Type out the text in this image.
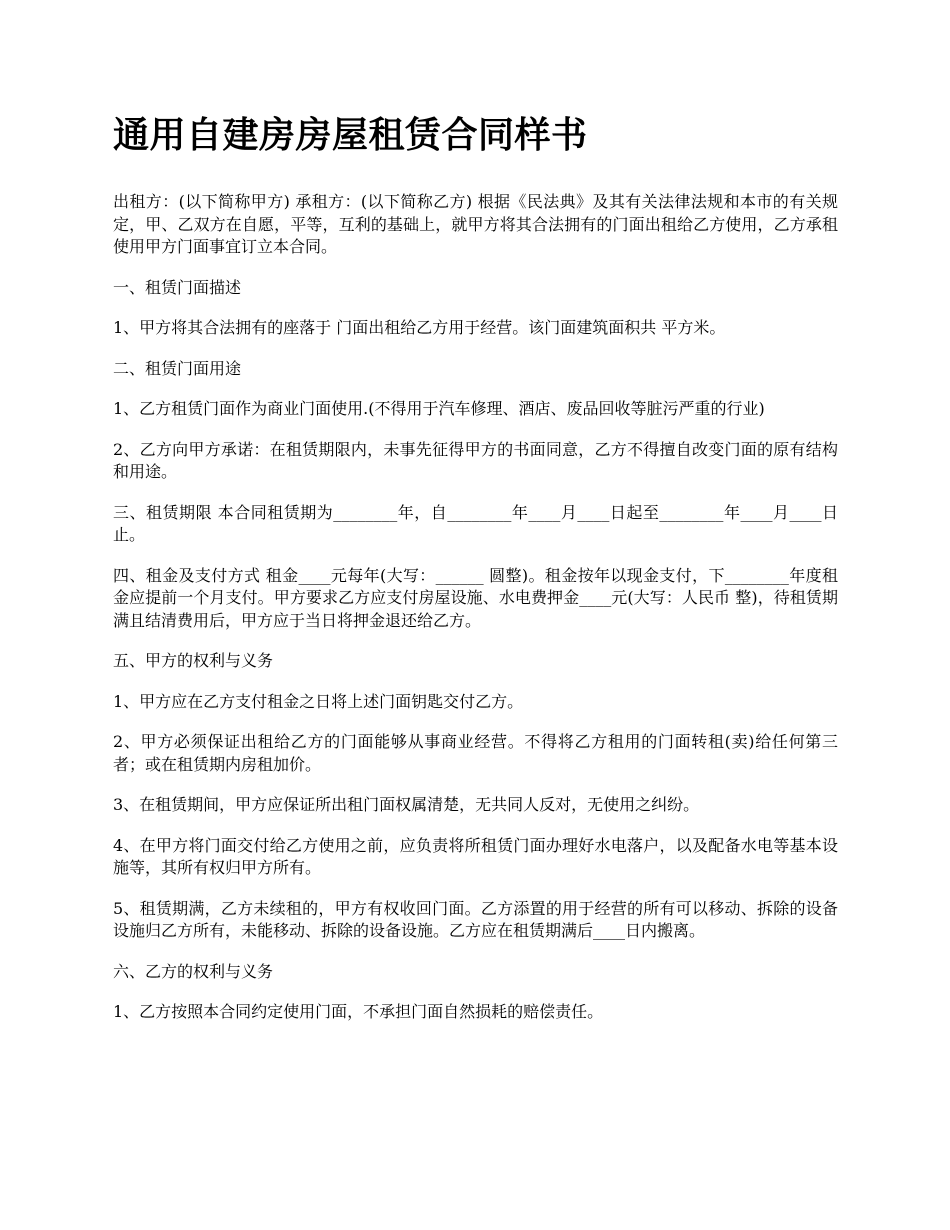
通用自建房房屋租赁合同样书

出租方：(以下简称甲方) 承租方：(以下简称乙方) 根据《民法典》及其有关法律法规和本市的有关规定，甲、乙双方在自愿，平等，互利的基础上，就甲方将其合法拥有的门面出租给乙方使用，乙方承租使用甲方门面事宜订立本合同。

一、租赁门面描述

1、甲方将其合法拥有的座落于 门面出租给乙方用于经营。该门面建筑面积共 平方米。

二、租赁门面用途

1、乙方租赁门面作为商业门面使用.(不得用于汽车修理、酒店、废品回收等脏污严重的行业)

2、乙方向甲方承诺：在租赁期限内，未事先征得甲方的书面同意，乙方不得擅自改变门面的原有结构和用途。

三、租赁期限 本合同租赁期为________年，自________年____月____日起至________年____月____日止。

四、租金及支付方式 租金____元每年(大写：______ 圆整)。租金按年以现金支付，下________年度租金应提前一个月支付。甲方要求乙方应支付房屋设施、水电费押金____元(大写：人民币 整)，待租赁期满且结清费用后，甲方应于当日将押金退还给乙方。

五、甲方的权利与义务

1、甲方应在乙方支付租金之日将上述门面钥匙交付乙方。

2、甲方必须保证出租给乙方的门面能够从事商业经营。不得将乙方租用的门面转租(卖)给任何第三者；或在租赁期内房租加价。

3、在租赁期间，甲方应保证所出租门面权属清楚，无共同人反对，无使用之纠纷。

4、在甲方将门面交付给乙方使用之前，应负责将所租赁门面办理好水电落户，以及配备水电等基本设施等，其所有权归甲方所有。

5、租赁期满，乙方未续租的，甲方有权收回门面。乙方添置的用于经营的所有可以移动、拆除的设备设施归乙方所有，未能移动、拆除的设备设施。乙方应在租赁期满后____日内搬离。

六、乙方的权利与义务

1、乙方按照本合同约定使用门面，不承担门面自然损耗的赔偿责任。
